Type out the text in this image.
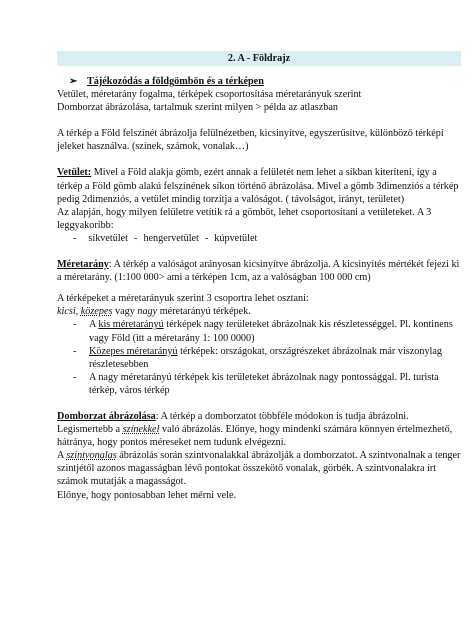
2. A - Földrajz

➢ Tájékozódás a földgömbön és a térképen

Vetület, méretarány fogalma, térképek csoportosítása méretarányuk szerint

Domborzat ábrázolása, tartalmuk szerint milyen > példa az atlaszban

A térkép a Föld felszínét ábrázolja felülnézetben, kicsinyítve, egyszerűsítve, különböző térképi jeleket használva. (színek, számok, vonalak…)

Vetület: Mivel a Föld alakja gömb, ezért annak a felületét nem lehet a síkban kiteríteni, így a térkép a Föld gömb alakú felszínének síkon történő ábrázolása. Mivel a gömb 3dimenziós a térkép pedig 2dimenziós, a vetület mindig torzítja a valóságot. ( távolságot, irányt, területet)

Az alapján, hogy milyen felületre vetítik rá a gömböt, lehet csoportosítani a vetületeket. A 3 leggyakoribb:

- síkvetület - hengervetület - kúpvetület

Méretarány: A térkép a valóságot arányosan kicsinyítve ábrázolja. A kicsinyítés mértékét fejezi ki a méretarány. (1:100 000> ami a térképen 1cm, az a valóságban 100 000 cm)

A térképeket a méretarányuk szerint 3 csoportra lehet osztani:

kicsi, közepes vagy nagy méretarányú térképek.

- A kis méretarányú térképek nagy területeket ábrázolnak kis részletességgel. Pl. kontinens vagy Föld (itt a méretarány 1: 100 0000)
- Közepes méretarányú térképek: országokat, országrészeket ábrázolnak már viszonylag részletesebben
- A nagy méretarányú térképek kis területeket ábrázolnak nagy pontossággal. Pl. turista térkép, város térkép

Domborzat ábrázolása: A térkép a domborzatot többféle módokon is tudja ábrázolni. Legismertebb a színekkel való ábrázolás. Előnye, hogy mindenki számára könnyen értelmezhető, hátránya, hogy pontos méreseket nem tudunk elvégezni.

A szintvonalas ábrázolás során szintvonalakkal ábrázolják a domborzatot. A szintvonalnak a tenger szintjétől azonos magasságban lévő pontokat összekötő vonalak, görbék. A szintvonalakra írt számok mutatják a magasságot.

Előnye, hogy pontosabban lehet mérni vele.
